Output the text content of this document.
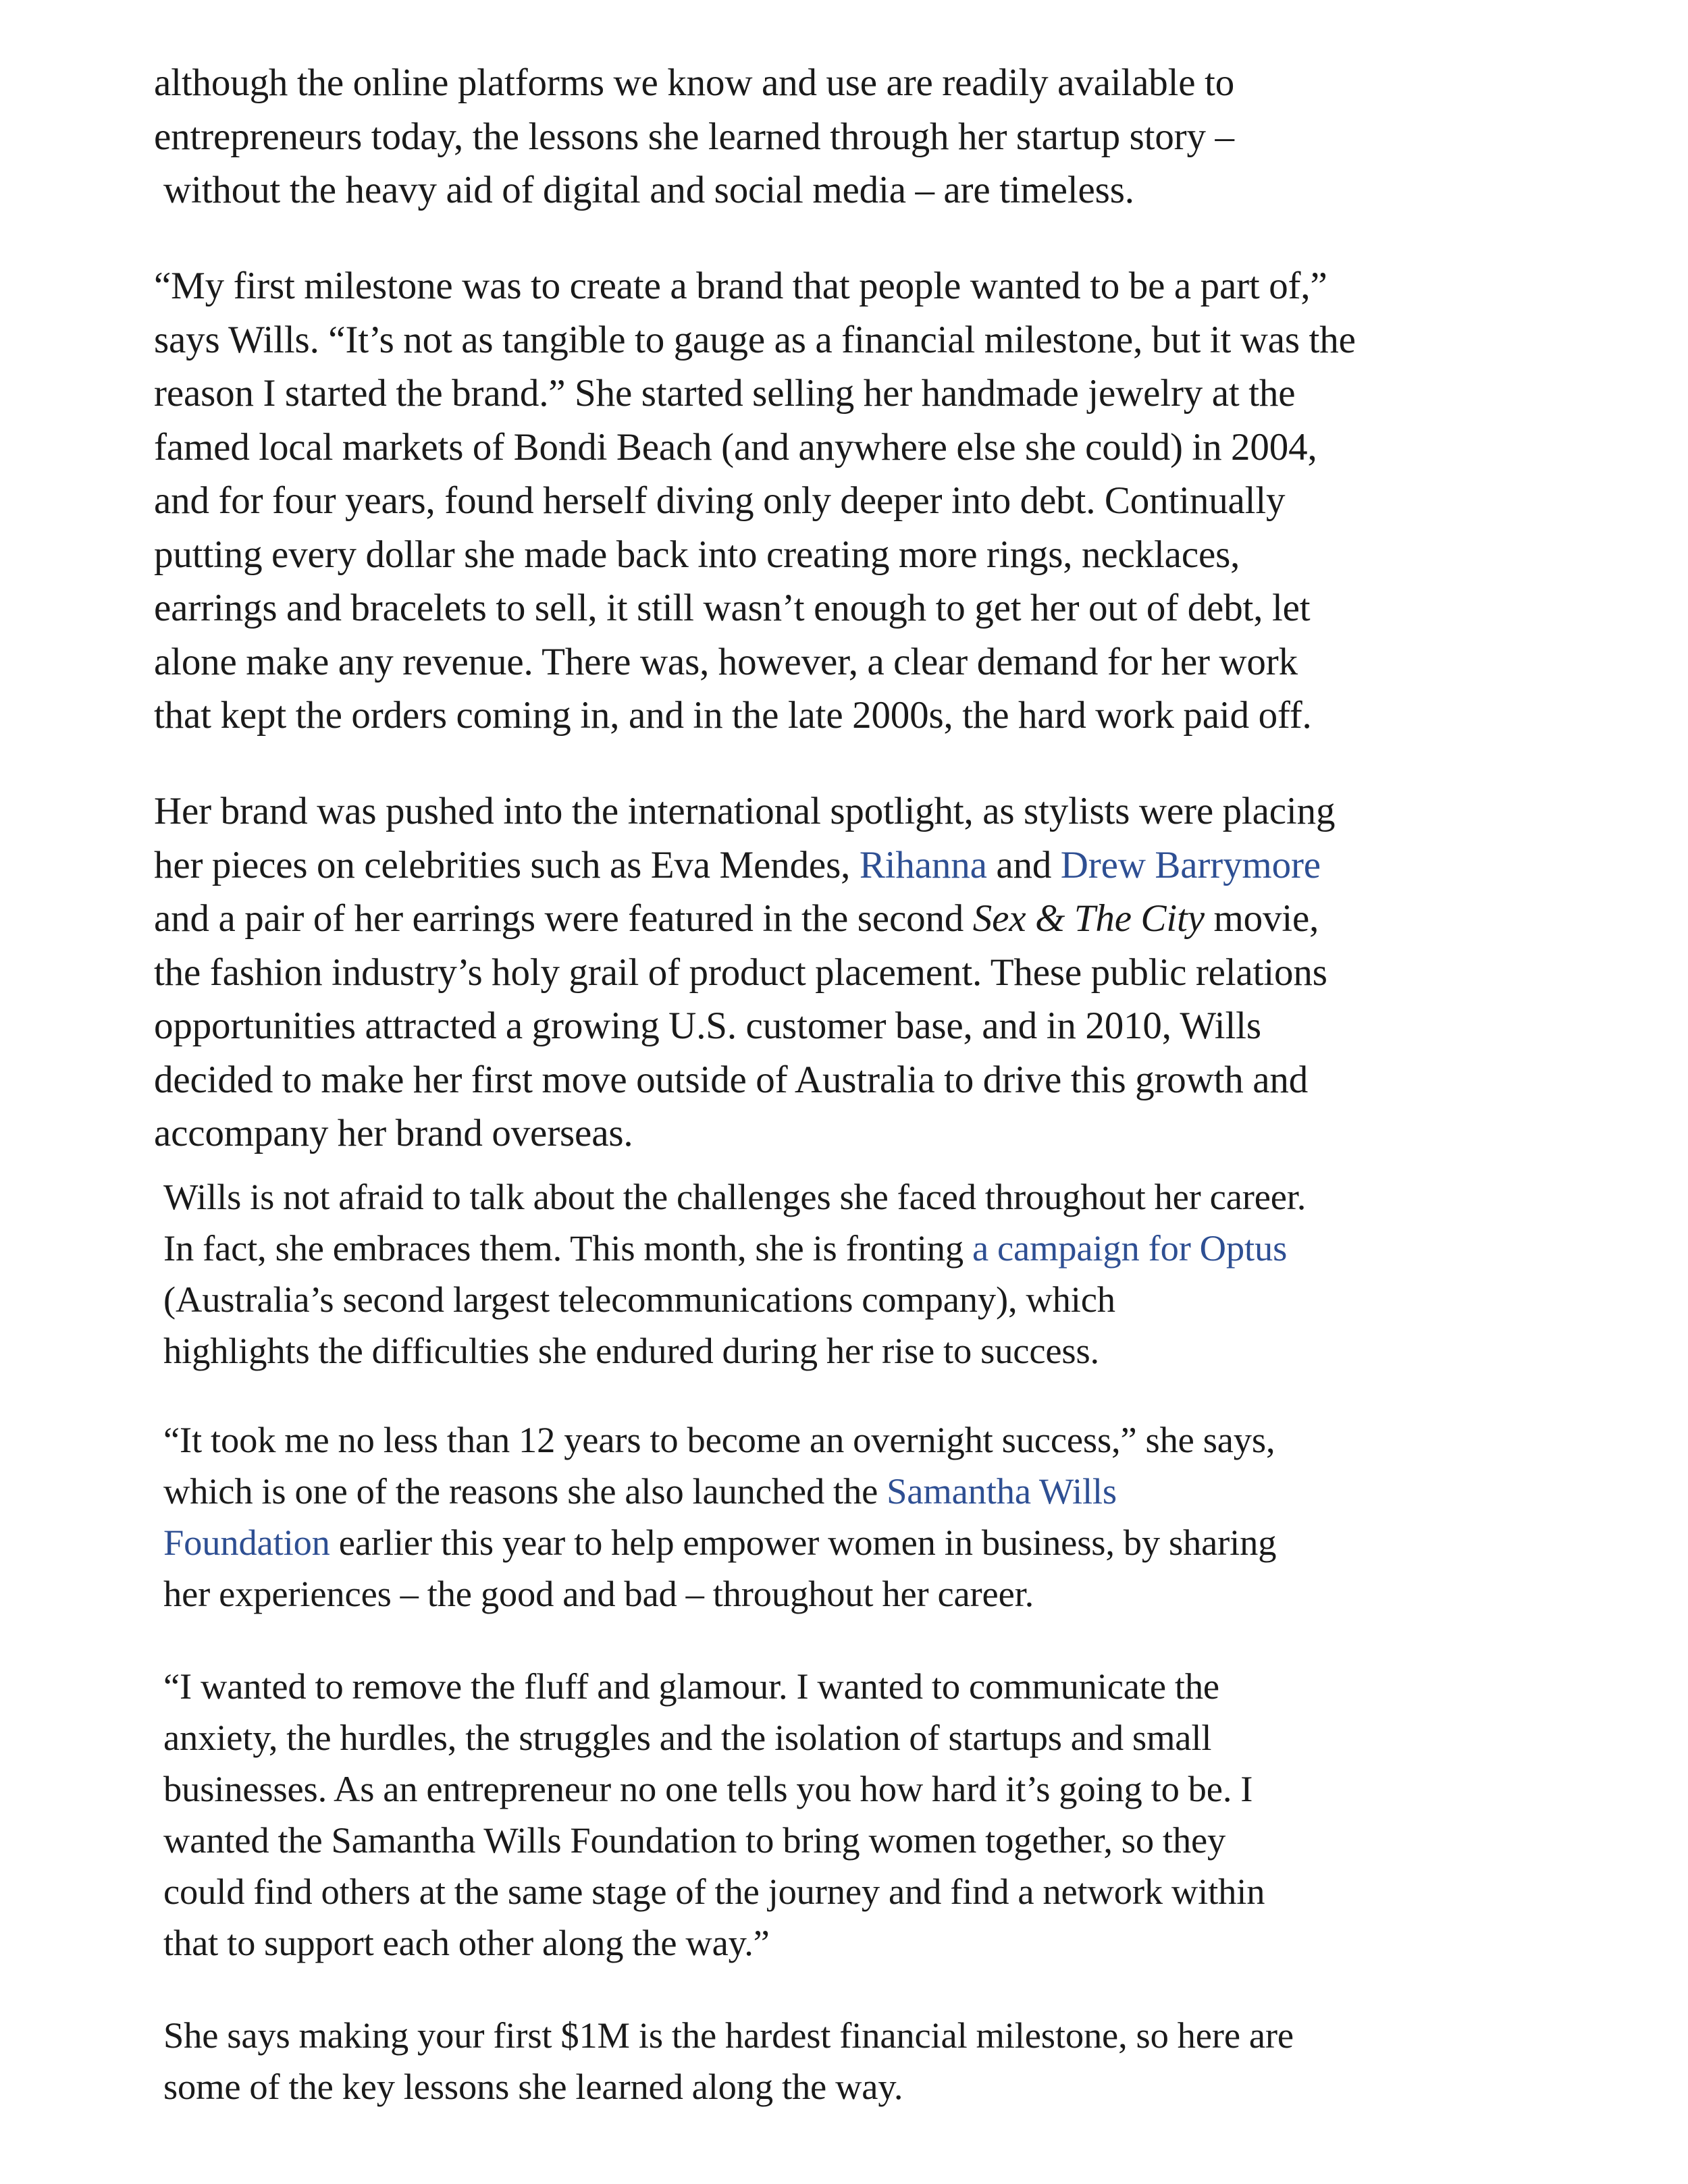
although the online platforms we know and use are readily available to
entrepreneurs today, the lessons she learned through her startup story –
without the heavy aid of digital and social media – are timeless.

“My first milestone was to create a brand that people wanted to be a part of,”
says Wills. “It’s not as tangible to gauge as a financial milestone, but it was the
reason I started the brand.” She started selling her handmade jewelry at the
famed local markets of Bondi Beach (and anywhere else she could) in 2004,
and for four years, found herself diving only deeper into debt. Continually
putting every dollar she made back into creating more rings, necklaces,
earrings and bracelets to sell, it still wasn’t enough to get her out of debt, let
alone make any revenue. There was, however, a clear demand for her work
that kept the orders coming in, and in the late 2000s, the hard work paid off.

Her brand was pushed into the international spotlight, as stylists were placing
her pieces on celebrities such as Eva Mendes, Rihanna and Drew Barrymore
and a pair of her earrings were featured in the second Sex & The City movie,
the fashion industry’s holy grail of product placement. These public relations
opportunities attracted a growing U.S. customer base, and in 2010, Wills
decided to make her first move outside of Australia to drive this growth and
accompany her brand overseas.

Wills is not afraid to talk about the challenges she faced throughout her career.
In fact, she embraces them. This month, she is fronting a campaign for Optus
(Australia’s second largest telecommunications company), which
highlights the difficulties she endured during her rise to success.

“It took me no less than 12 years to become an overnight success,” she says,
which is one of the reasons she also launched the Samantha Wills
Foundation earlier this year to help empower women in business, by sharing
her experiences – the good and bad – throughout her career.

“I wanted to remove the fluff and glamour. I wanted to communicate the
anxiety, the hurdles, the struggles and the isolation of startups and small
businesses. As an entrepreneur no one tells you how hard it’s going to be. I
wanted the Samantha Wills Foundation to bring women together, so they
could find others at the same stage of the journey and find a network within
that to support each other along the way.”

She says making your first $1M is the hardest financial milestone, so here are
some of the key lessons she learned along the way.
